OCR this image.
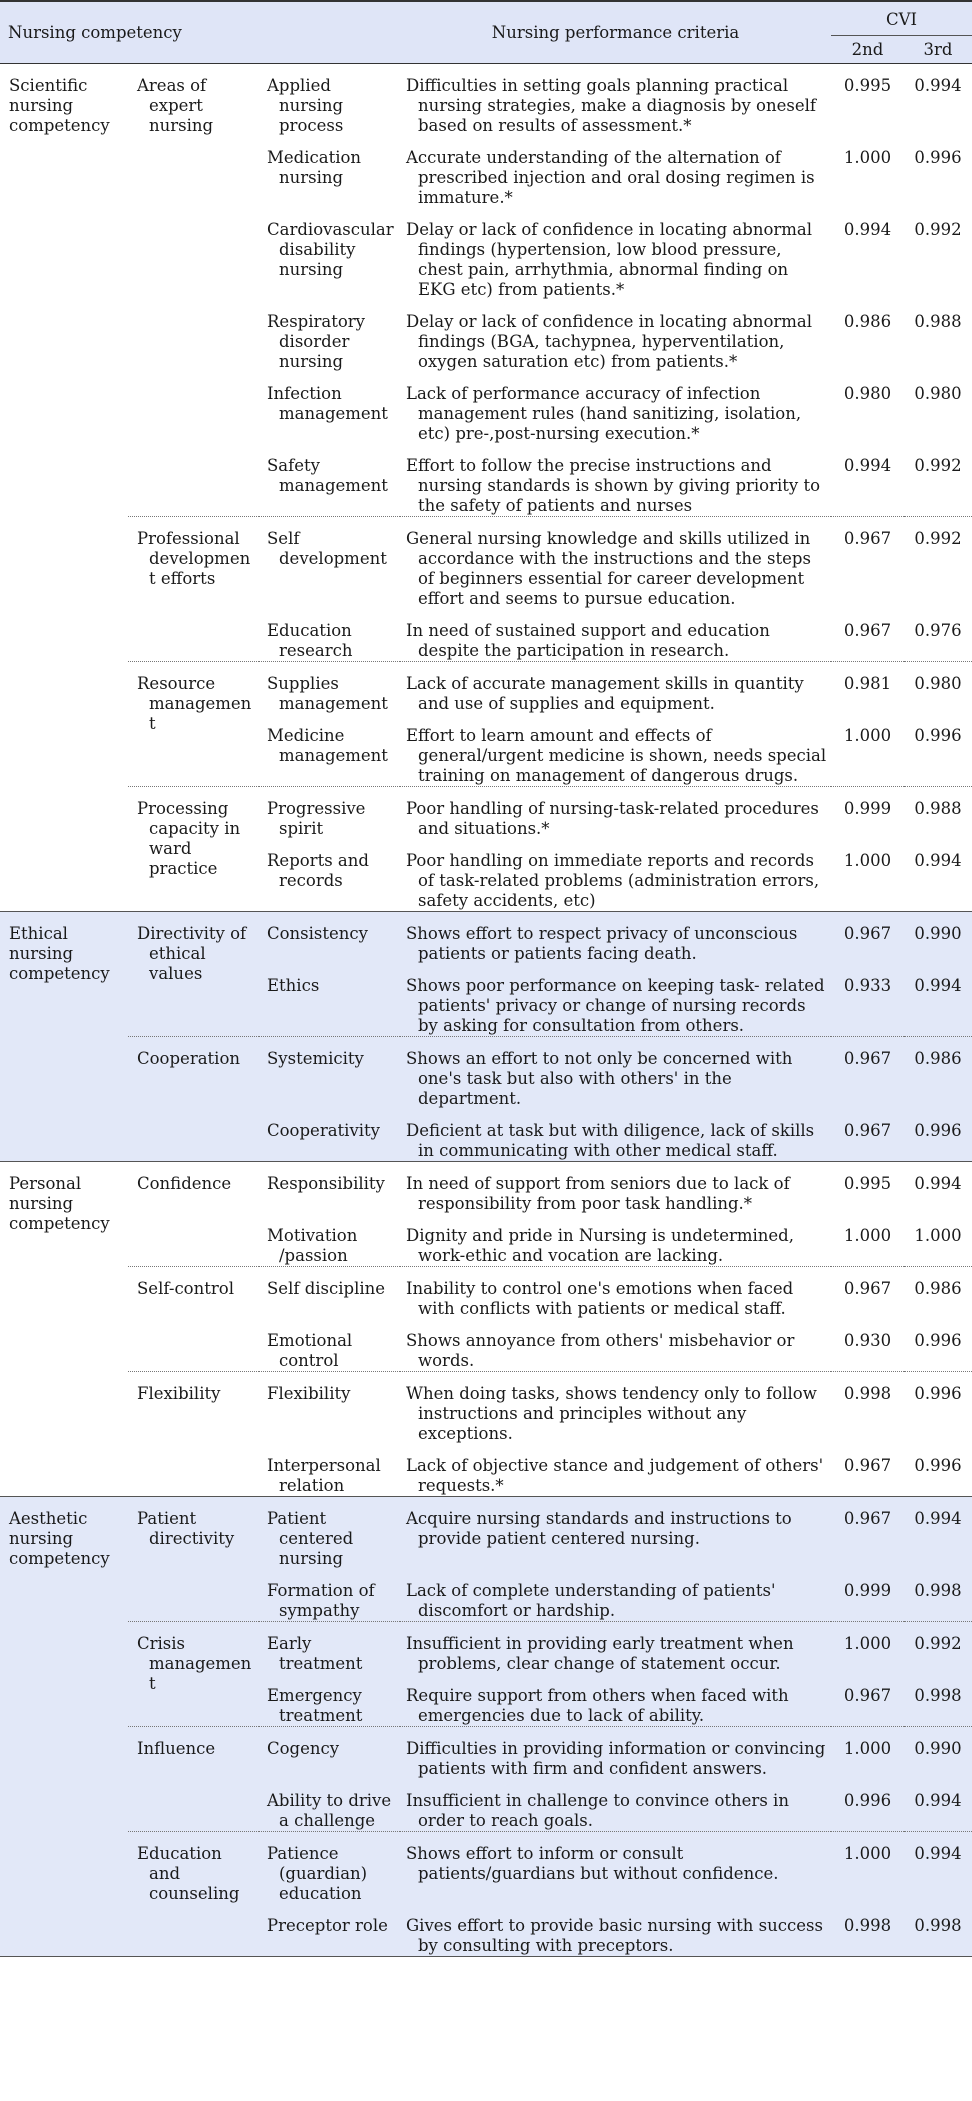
Nursing competency			Nursing performance criteria	CVI	
				2nd	3rd
Scientific nursing competency	Areas of expert nursing	Applied nursing process	Difficulties in setting goals planning practical nursing strategies, make a diagnosis by oneself based on results of assessment.*	0.995	0.994

		Medication nursing	Accurate understanding of the alternation of prescribed injection and oral dosing regimen is immature.*	1.000	0.996

		Cardiovascular disability nursing	Delay or lack of confidence in locating abnormal findings (hypertension, low blood pressure, chest pain, arrhythmia, abnormal finding on EKG etc) from patients.*	0.994	0.992

		Respiratory disorder nursing	Delay or lack of confidence in locating abnormal findings (BGA, tachypnea, hyperventilation, oxygen saturation etc) from patients.*	0.986	0.988

		Infection management	Lack of performance accuracy of infection management rules (hand sanitizing, isolation, etc) pre-,post-nursing execution.*	0.980	0.980

		Safety management	Effort to follow the precise instructions and nursing standards is shown by giving priority to the safety of patients and nurses	0.994	0.992

	Professional development efforts	Self development	General nursing knowledge and skills utilized in accordance with the instructions and the steps of beginners essential for career development effort and seems to pursue education.	0.967	0.992

		Education research	In need of sustained support and education despite the participation in research.	0.967	0.976

	Resource management	Supplies management	Lack of accurate management skills in quantity and use of supplies and equipment.	0.981	0.980

		Medicine management	Effort to learn amount and effects of general/urgent medicine is shown, needs special training on management of dangerous drugs.	1.000	0.996

	Processing capacity in ward practice	Progressive spirit	Poor handling of nursing-task-related procedures and situations.*	0.999	0.988

		Reports and records	Poor handling on immediate reports and records of task-related problems (administration errors, safety accidents, etc)	1.000	0.994
Ethical nursing competency	Directivity of ethical values	Consistency	Shows effort to respect privacy of unconscious patients or patients facing death.	0.967	0.990

		Ethics	Shows poor performance on keeping task- related patients' privacy or change of nursing records by asking for consultation from others.	0.933	0.994

	Cooperation	Systemicity	Shows an effort to not only be concerned with one's task but also with others' in the department.	0.967	0.986

		Cooperativity	Deficient at task but with diligence, lack of skills in communicating with other medical staff.	0.967	0.996
Personal nursing competency	Confidence	Responsibility	In need of support from seniors due to lack of responsibility from poor task handling.*	0.995	0.994

		Motivation /passion	Dignity and pride in Nursing is undetermined, work-ethic and vocation are lacking.	1.000	1.000

	Self-control	Self discipline	Inability to control one's emotions when faced with conflicts with patients or medical staff.	0.967	0.986

		Emotional control	Shows annoyance from others' misbehavior or words.	0.930	0.996

	Flexibility	Flexibility	When doing tasks, shows tendency only to follow instructions and principles without any exceptions.	0.998	0.996

		Interpersonal relation	Lack of objective stance and judgement of others' requests.*	0.967	0.996
Aesthetic nursing competency	Patient directivity	Patient centered nursing	Acquire nursing standards and instructions to provide patient centered nursing.	0.967	0.994

		Formation of sympathy	Lack of complete understanding of patients' discomfort or hardship.	0.999	0.998

	Crisis management	Early treatment	Insufficient in providing early treatment when problems, clear change of statement occur.	1.000	0.992

		Emergency treatment	Require support from others when faced with emergencies due to lack of ability.	0.967	0.998

	Influence	Cogency	Difficulties in providing information or convincing patients with firm and confident answers.	1.000	0.990

		Ability to drive a challenge	Insufficient in challenge to convince others in order to reach goals.	0.996	0.994

	Education and counseling	Patience (guardian) education	Shows effort to inform or consult patients/guardians but without confidence.	1.000	0.994

		Preceptor role	Gives effort to provide basic nursing with success by consulting with preceptors.	0.998	0.998
